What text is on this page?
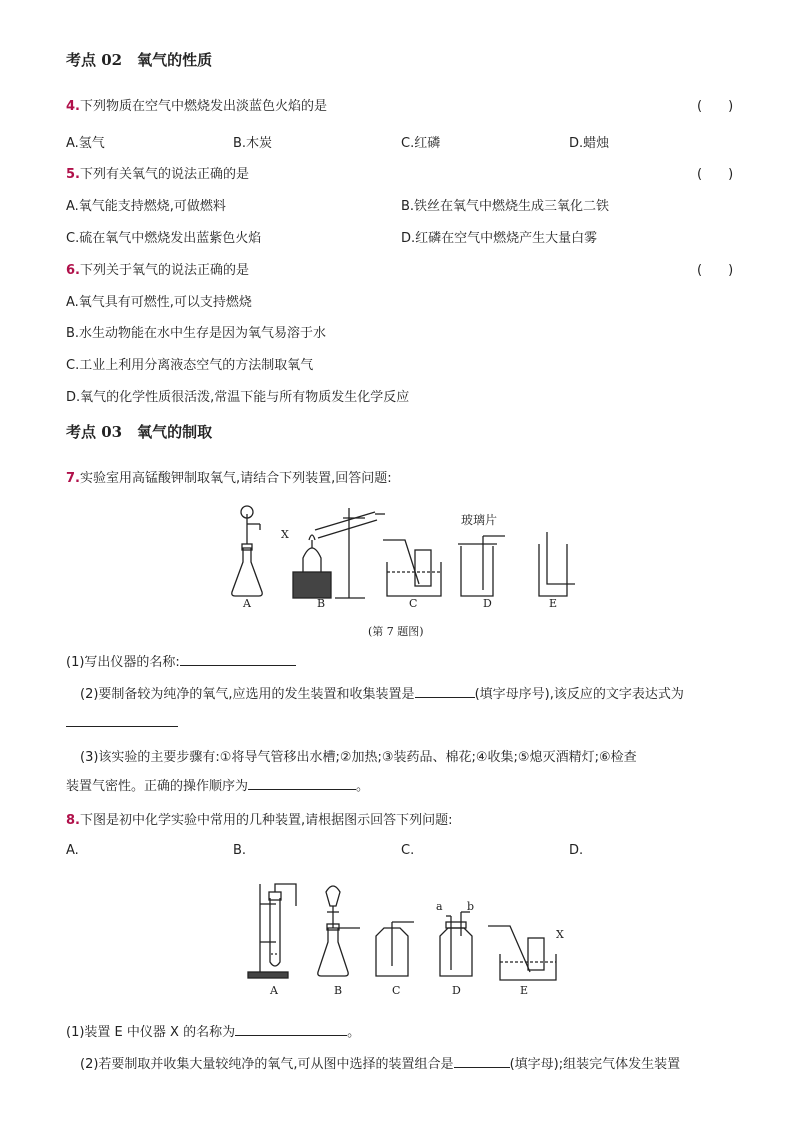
考点 02　氧气的性质
4.下列物质在空气中燃烧发出淡蓝色火焰的是	(　　)
A.氢气	B.木炭	C.红磷	D.蜡烛
5.下列有关氧气的说法正确的是	(　　)
A.氧气能支持燃烧,可做燃料	B.铁丝在氧气中燃烧生成三氧化二铁
C.硫在氧气中燃烧发出蓝紫色火焰	D.红磷在空气中燃烧产生大量白雾
6.下列关于氧气的说法正确的是	(　　)
A.氧气具有可燃性,可以支持燃烧
B.水生动物能在水中生存是因为氧气易溶于水
C.工业上利用分离液态空气的方法制取氧气
D.氧气的化学性质很活泼,常温下能与所有物质发生化学反应
考点 03　氧气的制取
7.实验室用高锰酸钾制取氧气,请结合下列装置,回答问题:
A	B	C	D	E
X
玻璃片
(第 7 题图)
(1)写出仪器的名称:
(2)要制备较为纯净的氧气,应选用的发生装置和收集装置是	(填字母序号),该反应的文字表达式为
(3)该实验的主要步骤有:①将导气管移出水槽;②加热;③装药品、棉花;④收集;⑤熄灭酒精灯;⑥检查
装置气密性。正确的操作顺序为	。
8.下图是初中化学实验中常用的几种装置,请根据图示回答下列问题:
A.	B.	C.	D.
A	B	C	D	E
a b
X
(1)装置 E 中仪器 X 的名称为	。
(2)若要制取并收集大量较纯净的氧气,可从图中选择的装置组合是	(填字母);组装完气体发生装置
